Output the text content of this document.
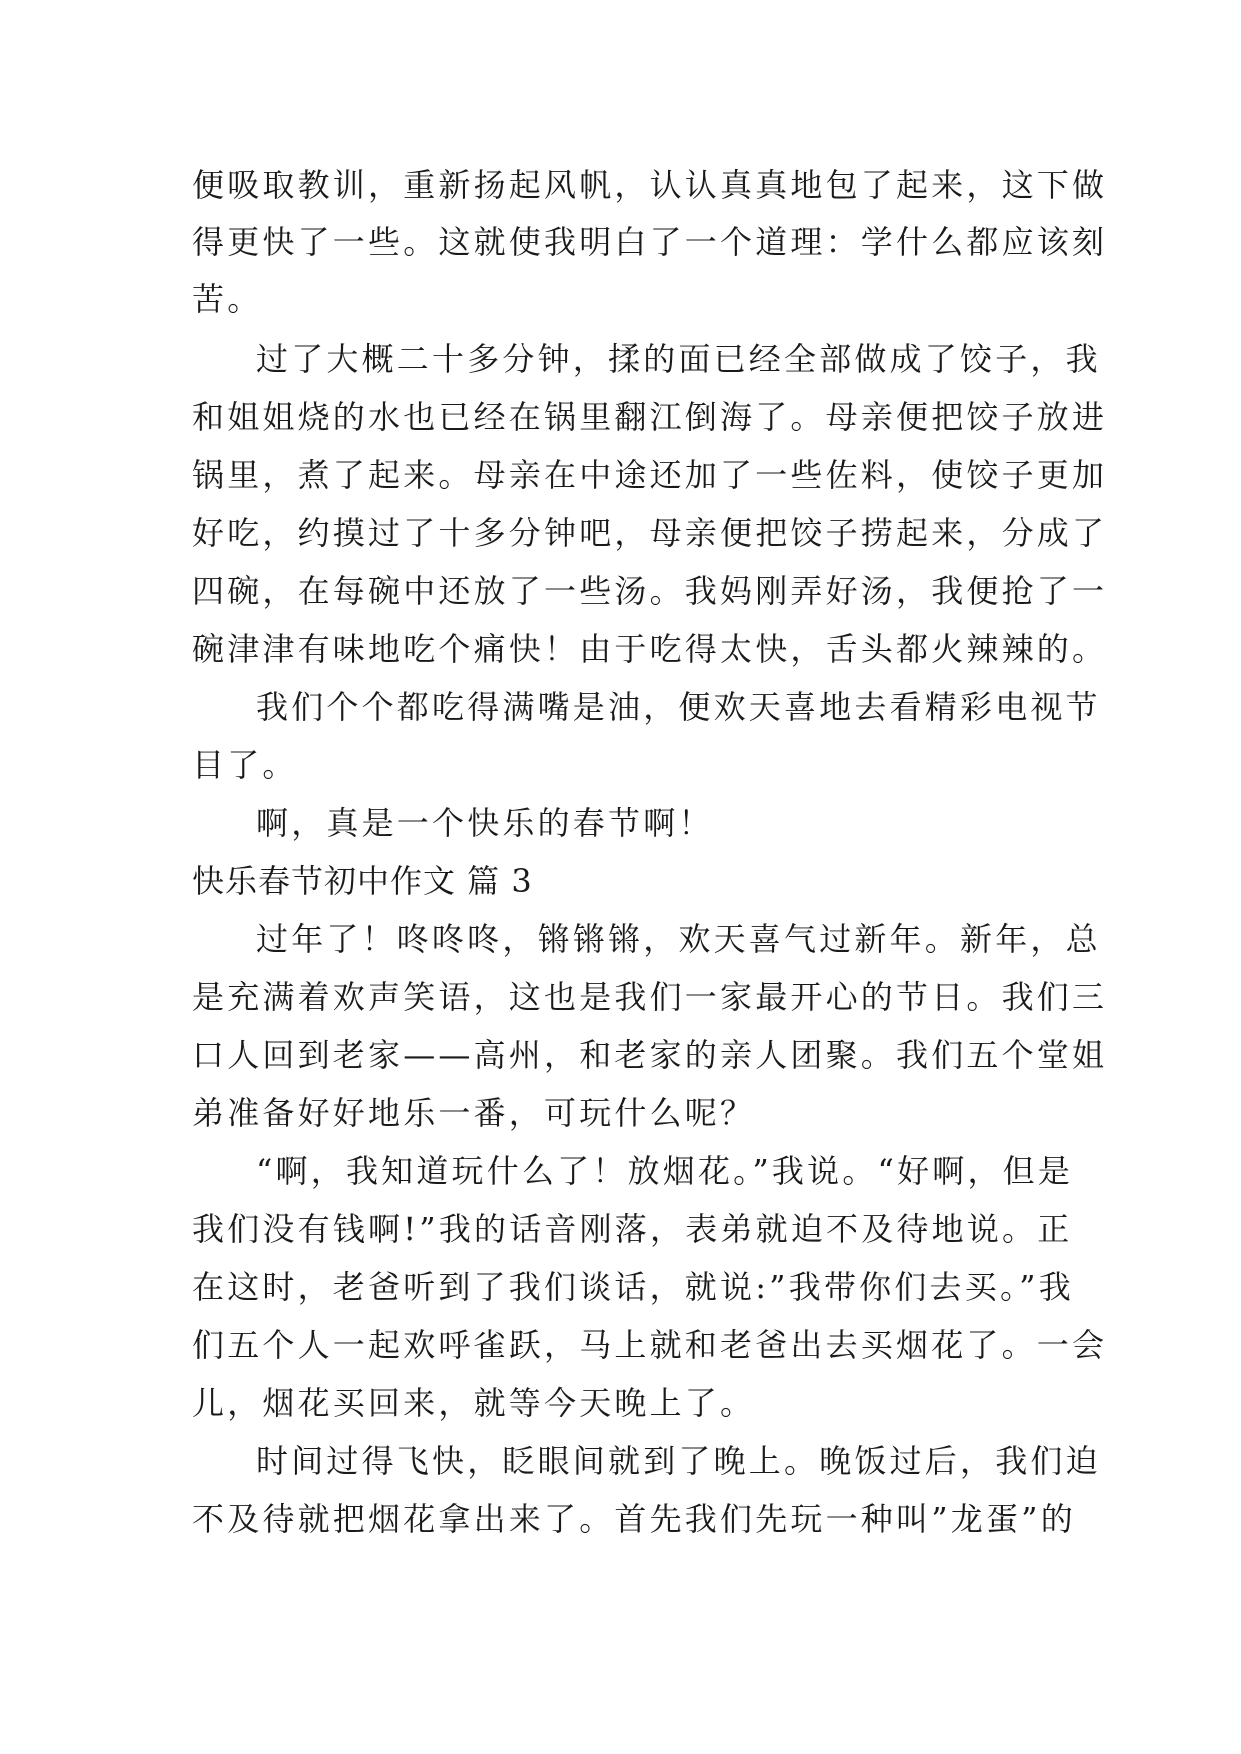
便吸取教训，重新扬起风帆，认认真真地包了起来，这下做
得更快了一些。这就使我明白了一个道理：学什么都应该刻
苦。
过了大概二十多分钟，揉的面已经全部做成了饺子，我
和姐姐烧的水也已经在锅里翻江倒海了。母亲便把饺子放进
锅里，煮了起来。母亲在中途还加了一些佐料，使饺子更加
好吃，约摸过了十多分钟吧，母亲便把饺子捞起来，分成了
四碗，在每碗中还放了一些汤。我妈刚弄好汤，我便抢了一
碗津津有味地吃个痛快！由于吃得太快，舌头都火辣辣的。
我们个个都吃得满嘴是油，便欢天喜地去看精彩电视节
目了。
啊，真是一个快乐的春节啊！
快乐春节初中作文 篇 3
过年了！咚咚咚，锵锵锵，欢天喜气过新年。新年，总
是充满着欢声笑语，这也是我们一家最开心的节日。我们三
口人回到老家——高州，和老家的亲人团聚。我们五个堂姐
弟准备好好地乐一番，可玩什么呢？
“啊，我知道玩什么了！放烟花。”我说。“好啊，但是
我们没有钱啊!”我的话音刚落，表弟就迫不及待地说。正
在这时，老爸听到了我们谈话，就说:”我带你们去买。”我
们五个人一起欢呼雀跃，马上就和老爸出去买烟花了。一会
儿，烟花买回来，就等今天晚上了。
时间过得飞快，眨眼间就到了晚上。晚饭过后，我们迫
不及待就把烟花拿出来了。首先我们先玩一种叫”龙蛋”的
